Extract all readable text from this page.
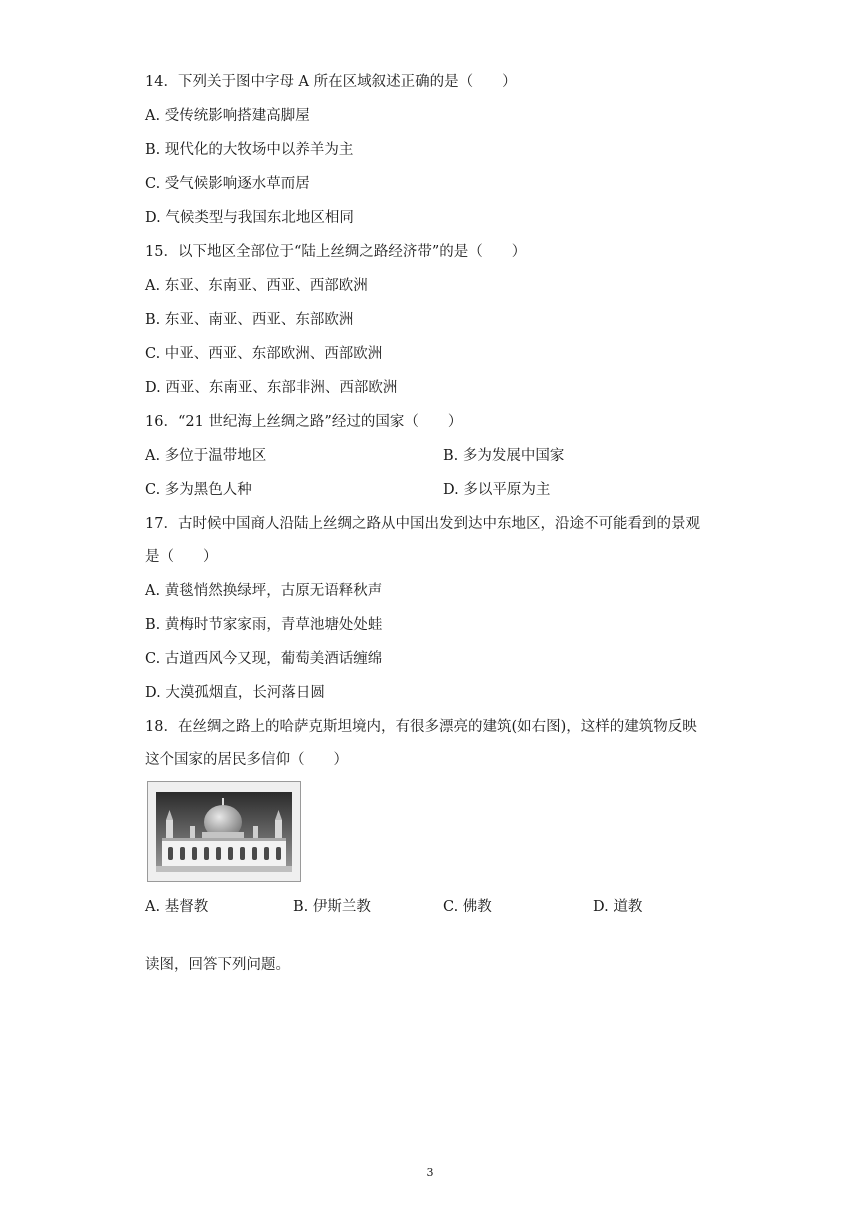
14．下列关于图中字母 A 所在区域叙述正确的是（　　）
A. 受传统影响搭建高脚屋
B. 现代化的大牧场中以养羊为主
C. 受气候影响逐水草而居
D. 气候类型与我国东北地区相同
15．以下地区全部位于“陆上丝绸之路经济带”的是（　　）
A. 东亚、东南亚、西亚、西部欧洲
B. 东亚、南亚、西亚、东部欧洲
C. 中亚、西亚、东部欧洲、西部欧洲
D. 西亚、东南亚、东部非洲、西部欧洲
16．“21 世纪海上丝绸之路”经过的国家（　　）
A. 多位于温带地区	B. 多为发展中国家
C. 多为黑色人种	D. 多以平原为主
17．古时候中国商人沿陆上丝绸之路从中国出发到达中东地区，沿途不可能看到的景观
是（　　）
A. 黄毯悄然换绿坪，古原无语释秋声
B. 黄梅时节家家雨，青草池塘处处蛙
C. 古道西风今又现，葡萄美酒话缠绵
D. 大漠孤烟直，长河落日圆
18．在丝绸之路上的哈萨克斯坦境内，有很多漂亮的建筑(如右图)，这样的建筑物反映
这个国家的居民多信仰（　　）
A. 基督教	B. 伊斯兰教	C. 佛教	D. 道教
读图，回答下列问题。
3
